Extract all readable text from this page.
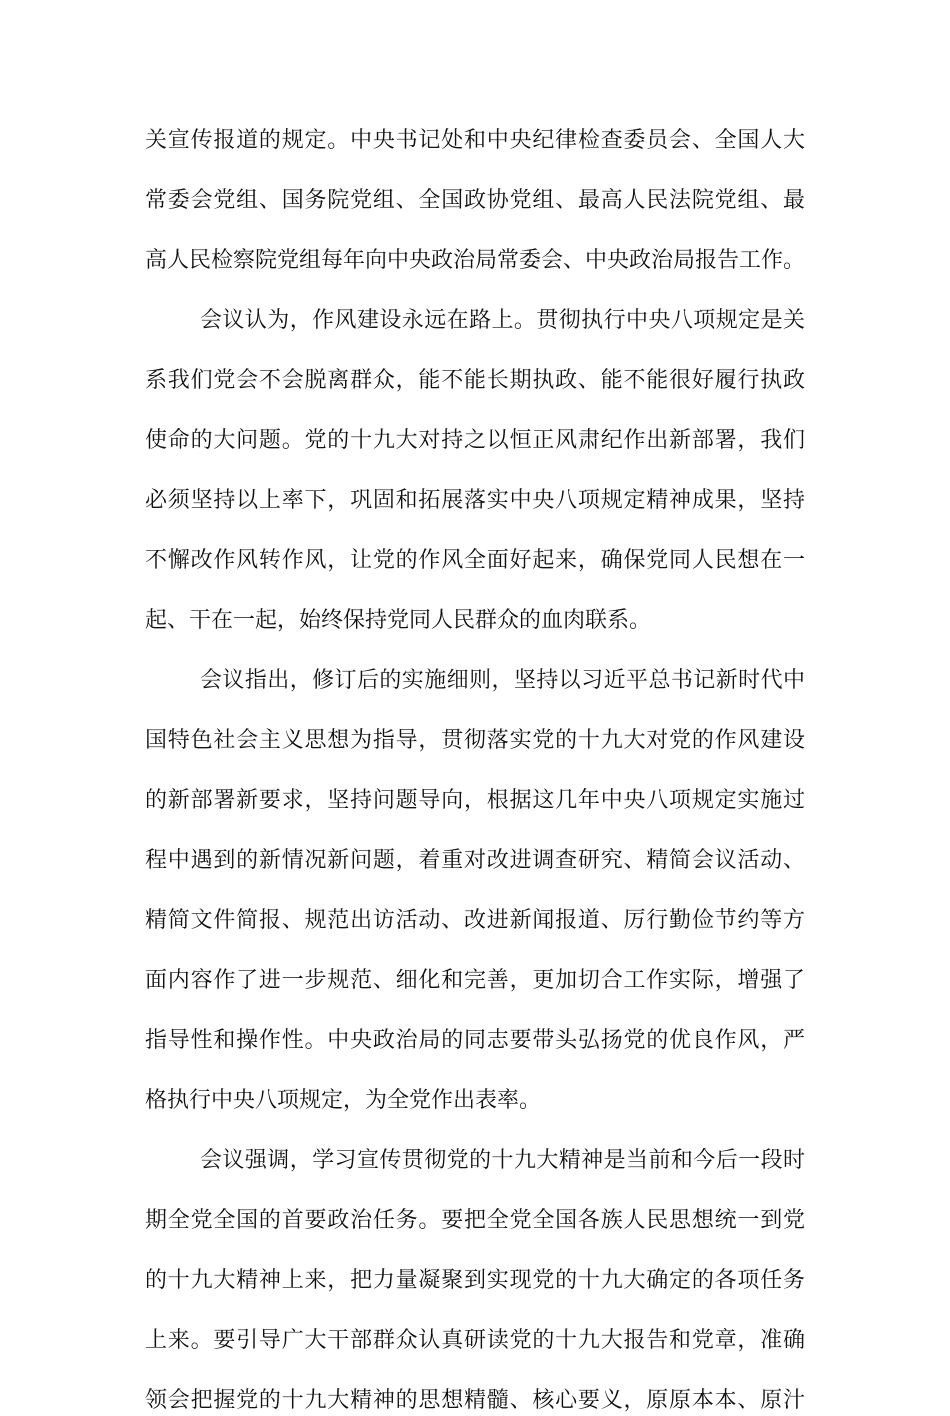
关宣传报道的规定。中央书记处和中央纪律检查委员会、全国人大
常委会党组、国务院党组、全国政协党组、最高人民法院党组、最
高人民检察院党组每年向中央政治局常委会、中央政治局报告工作。
会议认为，作风建设永远在路上。贯彻执行中央八项规定是关
系我们党会不会脱离群众，能不能长期执政、能不能很好履行执政
使命的大问题。党的十九大对持之以恒正风肃纪作出新部署，我们
必须坚持以上率下，巩固和拓展落实中央八项规定精神成果，坚持
不懈改作风转作风，让党的作风全面好起来，确保党同人民想在一
起、干在一起，始终保持党同人民群众的血肉联系。
会议指出，修订后的实施细则，坚持以习近平总书记新时代中
国特色社会主义思想为指导，贯彻落实党的十九大对党的作风建设
的新部署新要求，坚持问题导向，根据这几年中央八项规定实施过
程中遇到的新情况新问题，着重对改进调查研究、精简会议活动、
精简文件简报、规范出访活动、改进新闻报道、厉行勤俭节约等方
面内容作了进一步规范、细化和完善，更加切合工作实际，增强了
指导性和操作性。中央政治局的同志要带头弘扬党的优良作风，严
格执行中央八项规定，为全党作出表率。
会议强调，学习宣传贯彻党的十九大精神是当前和今后一段时
期全党全国的首要政治任务。要把全党全国各族人民思想统一到党
的十九大精神上来，把力量凝聚到实现党的十九大确定的各项任务
上来。要引导广大干部群众认真研读党的十九大报告和党章，准确
领会把握党的十九大精神的思想精髓、核心要义，原原本本、原汁
